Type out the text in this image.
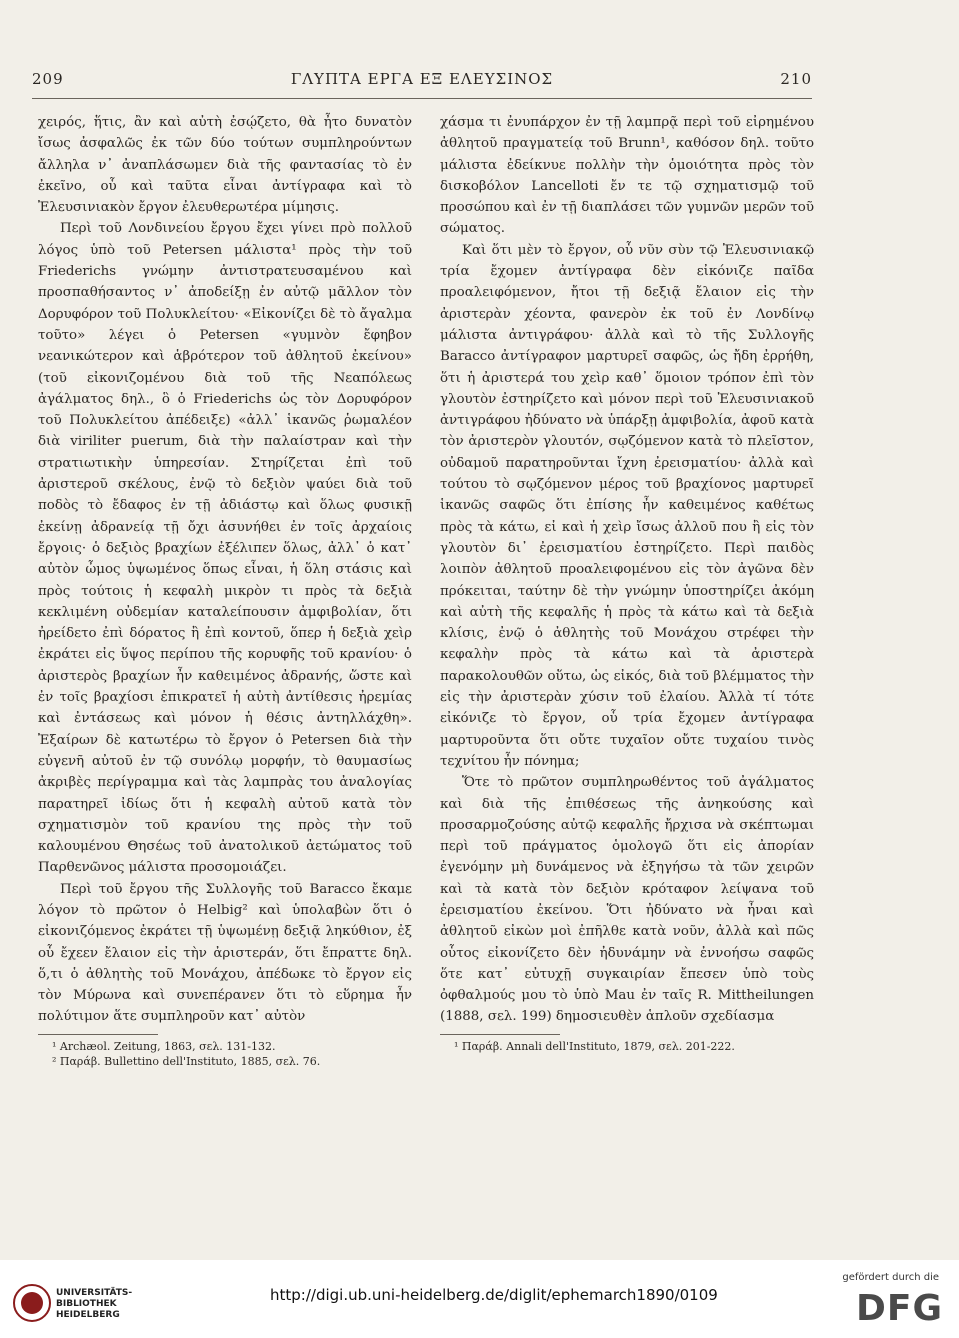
209	ΓΛΥΠΤΑ ΕΡΓΑ ΕΞ ΕΛΕΥΣΙΝΟΣ	210

χειρός, ἥτις, ἂν καὶ αὐτὴ ἐσῴζετο, θὰ ἦτο δυνατὸν ἴσως ἀσφαλῶς ἐκ τῶν δύο τούτων συμπληρούντων ἄλληλα ν᾿ ἀναπλάσωμεν διὰ τῆς φαντασίας τὸ ἐν ἐκεῖνο, οὗ καὶ ταῦτα εἶναι ἀντίγραφα καὶ τὸ Ἐλευσινιακὸν ἔργον ἐλευθερωτέρα μίμησις.

Περὶ τοῦ Λονδινείου ἔργου ἔχει γίνει πρὸ πολλοῦ λόγος ὑπὸ τοῦ Petersen μάλιστα¹ πρὸς τὴν τοῦ Friederichs γνώμην ἀντιστρατευσαμένου καὶ προσπαθήσαντος ν᾿ ἀποδείξῃ ἐν αὐτῷ μᾶλλον τὸν Δορυφόρον τοῦ Πολυκλείτου· «Εἰκονίζει δὲ τὸ ἄγαλμα τοῦτο» λέγει ὁ Petersen «γυμνὸν ἔφηβον νεανικώτερον καὶ ἁβρότερον τοῦ ἀθλητοῦ ἐκείνου» (τοῦ εἰκονιζομένου διὰ τοῦ τῆς Νεαπόλεως ἀγάλματος δηλ., ὃ ὁ Friederichs ὡς τὸν Δορυφόρον τοῦ Πολυκλείτου ἀπέδειξε) «ἀλλ᾿ ἱκανῶς ῥωμαλέον διὰ viriliter puerum, διὰ τὴν παλαίστραν καὶ τὴν στρατιωτικὴν ὑπηρεσίαν. Στηρίζεται ἐπὶ τοῦ ἀριστεροῦ σκέλους, ἐνῷ τὸ δεξιὸν ψαύει διὰ τοῦ ποδὸς τὸ ἔδαφος ἐν τῇ ἀδιάστῳ καὶ ὅλως φυσικῇ ἐκείνῃ ἀδρανείᾳ τῇ ὄχι ἀσυνήθει ἐν τοῖς ἀρχαίοις ἔργοις· ὁ δεξιὸς βραχίων ἐξέλιπεν ὅλως, ἀλλ᾿ ὁ κατ᾿ αὐτὸν ὦμος ὑψωμένος ὅπως εἶναι, ἡ ὅλη στάσις καὶ πρὸς τούτοις ἡ κεφαλὴ μικρὸν τι πρὸς τὰ δεξιὰ κεκλιμένη οὐδεμίαν καταλείπουσιν ἀμφιβολίαν, ὅτι ἠρείδετο ἐπὶ δόρατος ἢ ἐπὶ κοντοῦ, ὅπερ ἡ δεξιὰ χεὶρ ἐκράτει εἰς ὕψος περίπου τῆς κορυφῆς τοῦ κρανίου· ὁ ἀριστερὸς βραχίων ἦν καθειμένος ἀδρανής, ὥστε καὶ ἐν τοῖς βραχίοσι ἐπικρατεῖ ἡ αὐτὴ ἀντίθεσις ἠρεμίας καὶ ἐντάσεως καὶ μόνον ἡ θέσις ἀντηλλάχθη». Ἐξαίρων δὲ κατωτέρω τὸ ἔργον ὁ Petersen διὰ τὴν εὐγενῆ αὐτοῦ ἐν τῷ συνόλῳ μορφήν, τὸ θαυμασίως ἀκριβὲς περίγραμμα καὶ τὰς λαμπρὰς του ἀναλογίας παρατηρεῖ ἰδίως ὅτι ἡ κεφαλὴ αὐτοῦ κατὰ τὸν σχηματισμὸν τοῦ κρανίου της πρὸς τὴν τοῦ καλουμένου Θησέως τοῦ ἀνατολικοῦ ἀετώματος τοῦ Παρθενῶνος μάλιστα προσομοιάζει.

Περὶ τοῦ ἔργου τῆς Συλλογῆς τοῦ Baracco ἔκαμε λόγον τὸ πρῶτον ὁ Helbig² καὶ ὑπολαβὼν ὅτι ὁ εἰκονιζόμενος ἐκράτει τῇ ὑψωμένῃ δεξιᾷ ληκύθιον, ἐξ οὗ ἔχεεν ἔλαιον εἰς τὴν ἀριστεράν, ὅτι ἔπραττε δηλ. ὅ,τι ὁ ἀθλητὴς τοῦ Μονάχου, ἀπέδωκε τὸ ἔργον εἰς τὸν Μύρωνα καὶ συνεπέρανεν ὅτι τὸ εὕρημα ἦν πολύτιμον ἅτε συμπληροῦν κατ᾿ αὐτὸν

¹ Archæol. Zeitung, 1863, σελ. 131-132.
² Παράβ. Bullettino dell'Instituto, 1885, σελ. 76.

χάσμα τι ἐνυπάρχον ἐν τῇ λαμπρᾷ περὶ τοῦ εἰρημένου ἀθλητοῦ πραγματείᾳ τοῦ Brunn¹, καθόσον δηλ. τοῦτο μάλιστα ἐδείκνυε πολλὴν τὴν ὁμοιότητα πρὸς τὸν δισκοβόλον Lancelloti ἔν τε τῷ σχηματισμῷ τοῦ προσώπου καὶ ἐν τῇ διαπλάσει τῶν γυμνῶν μερῶν τοῦ σώματος.

Καὶ ὅτι μὲν τὸ ἔργον, οὗ νῦν σὺν τῷ Ἐλευσινιακῷ τρία ἔχομεν ἀντίγραφα δὲν εἰκόνιζε παῖδα προαλειφόμενον, ἤτοι τῇ δεξιᾷ ἔλαιον εἰς τὴν ἀριστερὰν χέοντα, φανερὸν ἐκ τοῦ ἐν Λονδίνῳ μάλιστα ἀντιγράφου· ἀλλὰ καὶ τὸ τῆς Συλλογῆς Baracco ἀντίγραφον μαρτυρεῖ σαφῶς, ὡς ἤδη ἐρρήθη, ὅτι ἡ ἀριστερά του χεὶρ καθ᾿ ὅμοιον τρόπον ἐπὶ τὸν γλουτὸν ἐστηρίζετο καὶ μόνον περὶ τοῦ Ἐλευσινιακοῦ ἀντιγράφου ἠδύνατο νὰ ὑπάρξῃ ἀμφιβολία, ἀφοῦ κατὰ τὸν ἀριστερὸν γλουτόν, σῳζόμενον κατὰ τὸ πλεῖστον, οὐδαμοῦ παρατηροῦνται ἴχνη ἐρεισματίου· ἀλλὰ καὶ τούτου τὸ σῳζόμενον μέρος τοῦ βραχίονος μαρτυρεῖ ἱκανῶς σαφῶς ὅτι ἐπίσης ἦν καθειμένος καθέτως πρὸς τὰ κάτω, εἰ καὶ ἡ χεὶρ ἴσως ἀλλοῦ που ἢ εἰς τὸν γλουτὸν δι᾿ ἐρεισματίου ἐστηρίζετο. Περὶ παιδὸς λοιπὸν ἀθλητοῦ προαλειφομένου εἰς τὸν ἀγῶνα δὲν πρόκειται, ταύτην δὲ τὴν γνώμην ὑποστηρίζει ἀκόμη καὶ αὐτὴ τῆς κεφαλῆς ἡ πρὸς τὰ κάτω καὶ τὰ δεξιὰ κλίσις, ἐνῷ ὁ ἀθλητὴς τοῦ Μονάχου στρέφει τὴν κεφαλὴν πρὸς τὰ κάτω καὶ τὰ ἀριστερὰ παρακολουθῶν οὕτω, ὡς εἰκός, διὰ τοῦ βλέμματος τὴν εἰς τὴν ἀριστερὰν χύσιν τοῦ ἐλαίου. Ἀλλὰ τί τότε εἰκόνιζε τὸ ἔργον, οὗ τρία ἔχομεν ἀντίγραφα μαρτυροῦντα ὅτι οὔτε τυχαῖον οὔτε τυχαίου τινὸς τεχνίτου ἦν πόνημα;

Ὅτε τὸ πρῶτον συμπληρωθέντος τοῦ ἀγάλματος καὶ διὰ τῆς ἐπιθέσεως τῆς ἀνηκούσης καὶ προσαρμοζούσης αὐτῷ κεφαλῆς ἤρχισα νὰ σκέπτωμαι περὶ τοῦ πράγματος ὁμολογῶ ὅτι εἰς ἀπορίαν ἐγενόμην μὴ δυνάμενος νὰ ἐξηγήσω τὰ τῶν χειρῶν καὶ τὰ κατὰ τὸν δεξιὸν κρόταφον λείψανα τοῦ ἐρεισματίου ἐκείνου. Ὅτι ἠδύνατο νὰ ἦναι καὶ ἀθλητοῦ εἰκὼν μοὶ ἐπῆλθε κατὰ νοῦν, ἀλλὰ καὶ πῶς οὗτος εἰκονίζετο δὲν ἠδυνάμην νὰ ἐννοήσω σαφῶς ὅτε κατ᾿ εὐτυχῇ συγκαιρίαν ἔπεσεν ὑπὸ τοὺς ὀφθαλμούς μου τὸ ὑπὸ Mau ἐν ταῖς R. Mittheilungen (1888, σελ. 199) δημοσιευθὲν ἁπλοῦν σχεδίασμα

¹ Παράβ. Annali dell'Instituto, 1879, σελ. 201-222.
UNIVERSITÄTS-
BIBLIOTHEK
HEIDELBERG
http://digi.ub.uni-heidelberg.de/diglit/ephemarch1890/0109
gefördert durch die
DFG
